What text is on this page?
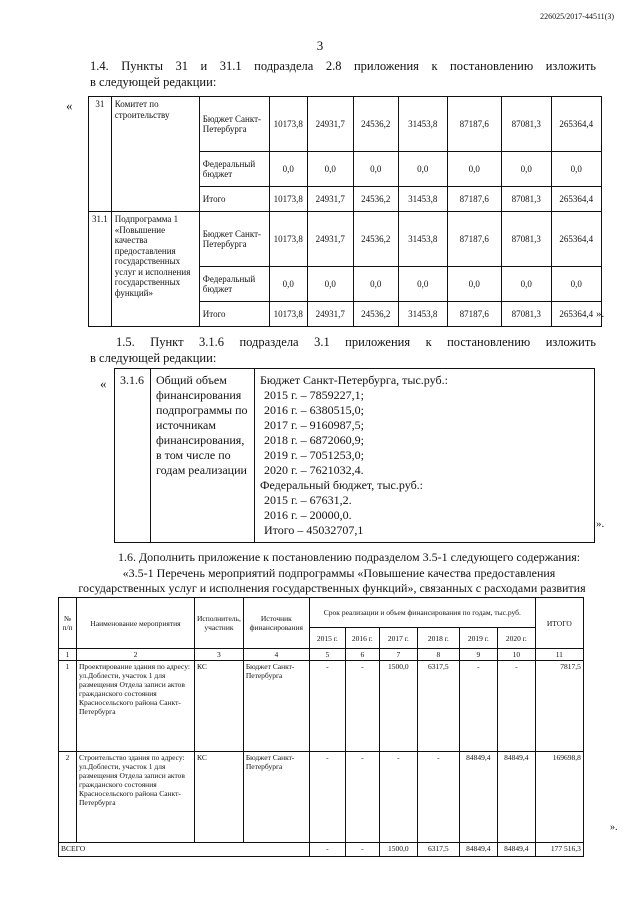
226025/2017-44511(3)
3
1.4. Пункты 31 и 31.1 подраздела 2.8 приложения к постановлению изложить
в следующей редакции:
«	31	Комитет по строительству	Бюджет Санкт-Петербурга	10173,8	24931,7	24536,2	31453,8	87187,6	87081,3	265364,4
		Федеральный бюджет	0,0	0,0	0,0	0,0	0,0	0,0	0,0
		Итого	10173,8	24931,7	24536,2	31453,8	87187,6	87081,3	265364,4
31.1	Подпрограмма 1 «Повышение качества предоставления государственных услуг и исполнения государственных функций»	Бюджет Санкт-Петербурга	10173,8	24931,7	24536,2	31453,8	87187,6	87081,3	265364,4
		Федеральный бюджет	0,0	0,0	0,0	0,0	0,0	0,0	0,0
		Итого	10173,8	24931,7	24536,2	31453,8	87187,6	87081,3	265364,4 ».
1.5. Пункт 3.1.6 подраздела 3.1 приложения к постановлению изложить
в следующей редакции:
« 3.1.6	Общий объем финансирования подпрограммы по источникам финансирования, в том числе по годам реализации	
Бюджет Санкт-Петербурга, тыс.руб.:
2015 г. – 7859227,1;
2016 г. – 6380515,0;
2017 г. – 9160987,5;
2018 г. – 6872060,9;
2019 г. – 7051253,0;
2020 г. – 7621032,4.
Федеральный бюджет, тыс.руб.:
2015 г. – 67631,2.
2016 г. – 20000,0.
Итого – 45032707,1	».
1.6. Дополнить приложение к постановлению подразделом 3.5-1 следующего содержания:
«3.5-1 Перечень мероприятий подпрограммы «Повышение качества предоставления
государственных услуг и исполнения государственных функций», связанных с расходами развития
№ п/п	Наименование мероприятия	Исполнитель, участник	Источник финансирования	Срок реализации и объем финансирования по годам, тыс.руб.						ИТОГО
				2015 г.	2016 г.	2017 г.	2018 г.	2019 г.	2020 г.	
1	2	3	4	5	6	7	8	9	10	11
1	Проектирование здания по адресу: ул.Доблести, участок 1 для размещения Отдела записи актов гражданского состояния Красносельского района Санкт-Петербурга	КС	Бюджет Санкт-Петербурга	-	-	1500,0	6317,5	-	-	7817,5
2	Строительство здания по адресу: ул.Доблести, участок 1 для размещения Отдела записи актов гражданского состояния Красносельского района Санкт-Петербурга	КС	Бюджет Санкт-Петербурга	-	-	-	-	84849,4	84849,4	169698,8
ВСЕГО				-	-	1500,0	6317,5	84849,4	84849,4	177 516,3
».
